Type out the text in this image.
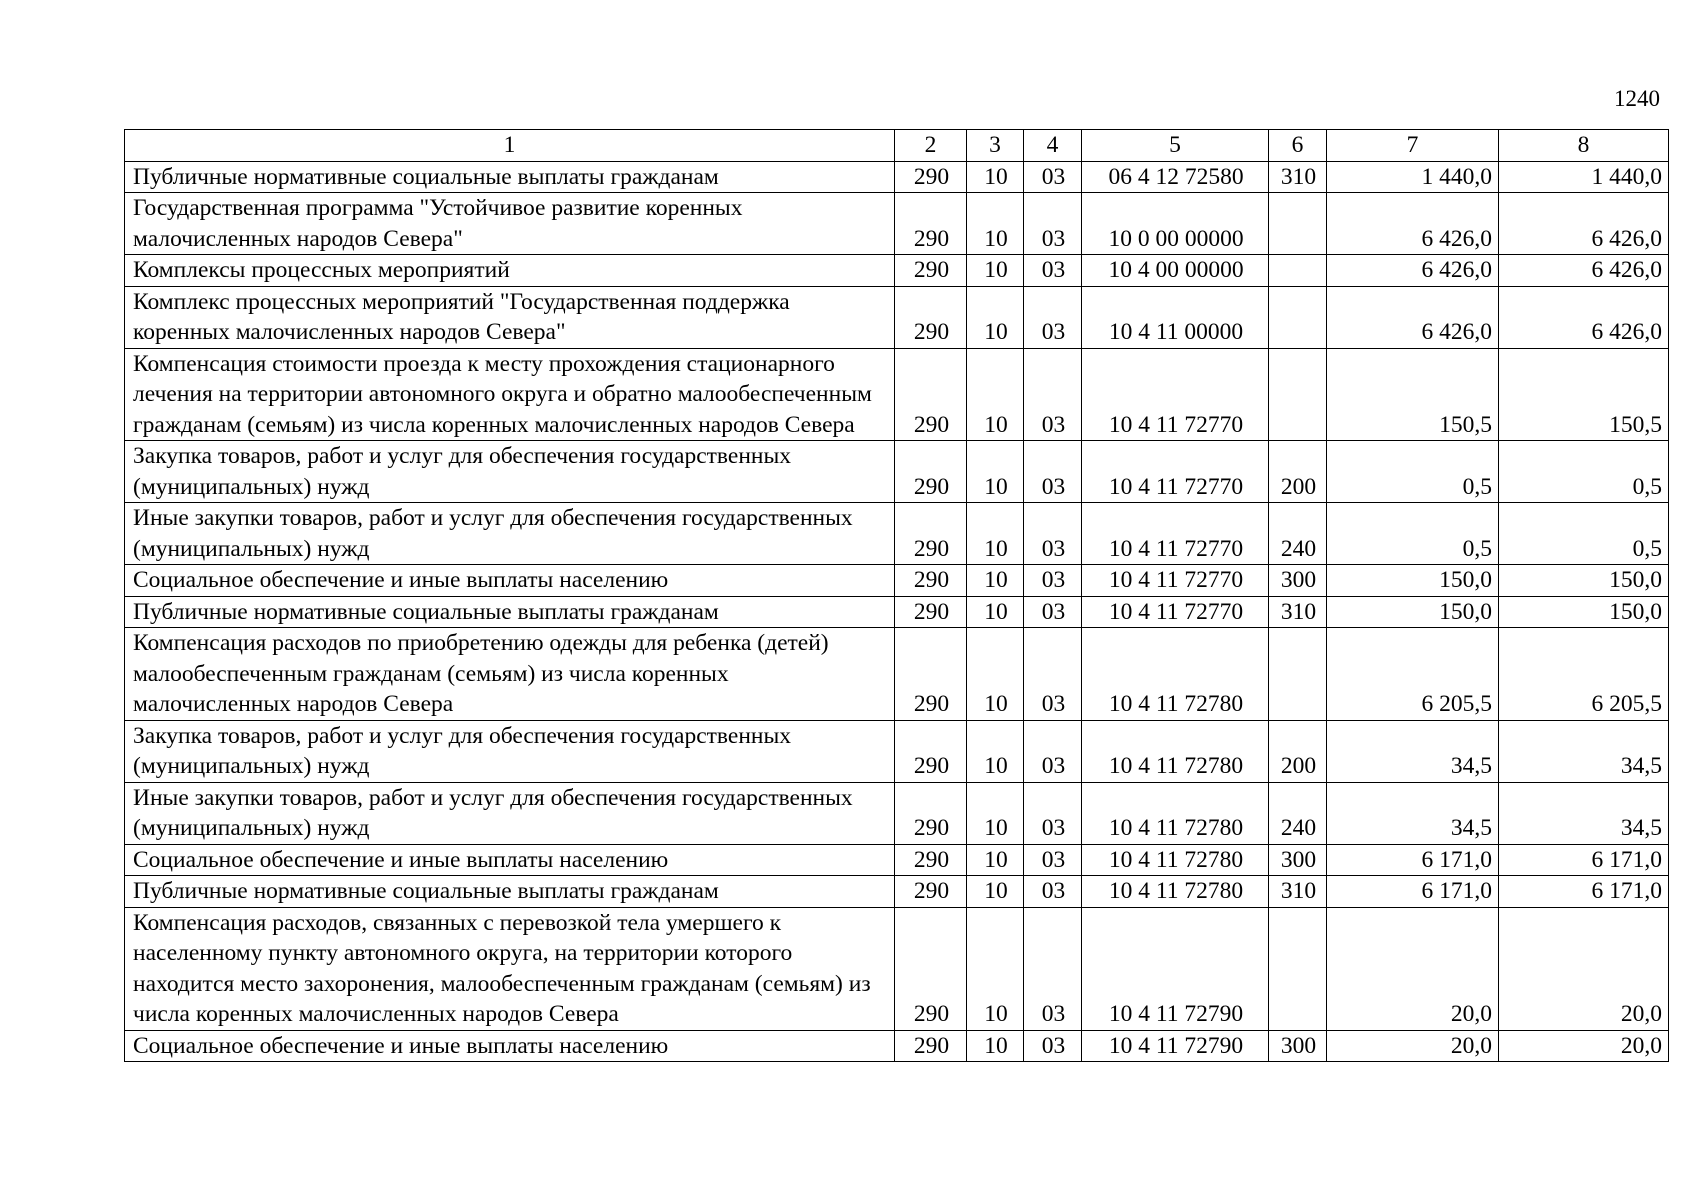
1240
1	2	3	4	5	6	7	8
Публичные нормативные социальные выплаты гражданам	290	10	03	06 4 12 72580	310	1 440,0	1 440,0
Государственная программа "Устойчивое развитие коренных малочисленных народов Севера"	290	10	03	10 0 00 00000		6 426,0	6 426,0
Комплексы процессных мероприятий	290	10	03	10 4 00 00000		6 426,0	6 426,0
Комплекс процессных мероприятий "Государственная поддержка коренных малочисленных народов Севера"	290	10	03	10 4 11 00000		6 426,0	6 426,0
Компенсация стоимости проезда к месту прохождения стационарного лечения на территории автономного округа и обратно малообеспеченным гражданам (семьям) из числа коренных малочисленных народов Севера	290	10	03	10 4 11 72770		150,5	150,5
Закупка товаров, работ и услуг для обеспечения государственных (муниципальных) нужд	290	10	03	10 4 11 72770	200	0,5	0,5
Иные закупки товаров, работ и услуг для обеспечения государственных (муниципальных) нужд	290	10	03	10 4 11 72770	240	0,5	0,5
Социальное обеспечение и иные выплаты населению	290	10	03	10 4 11 72770	300	150,0	150,0
Публичные нормативные социальные выплаты гражданам	290	10	03	10 4 11 72770	310	150,0	150,0
Компенсация расходов по приобретению одежды для ребенка (детей) малообеспеченным гражданам (семьям) из числа коренных малочисленных народов Севера	290	10	03	10 4 11 72780		6 205,5	6 205,5
Закупка товаров, работ и услуг для обеспечения государственных (муниципальных) нужд	290	10	03	10 4 11 72780	200	34,5	34,5
Иные закупки товаров, работ и услуг для обеспечения государственных (муниципальных) нужд	290	10	03	10 4 11 72780	240	34,5	34,5
Социальное обеспечение и иные выплаты населению	290	10	03	10 4 11 72780	300	6 171,0	6 171,0
Публичные нормативные социальные выплаты гражданам	290	10	03	10 4 11 72780	310	6 171,0	6 171,0
Компенсация расходов, связанных с перевозкой тела умершего к населенному пункту автономного округа, на территории которого находится место захоронения, малообеспеченным гражданам (семьям) из числа коренных малочисленных народов Севера	290	10	03	10 4 11 72790		20,0	20,0
Социальное обеспечение и иные выплаты населению	290	10	03	10 4 11 72790	300	20,0	20,0
